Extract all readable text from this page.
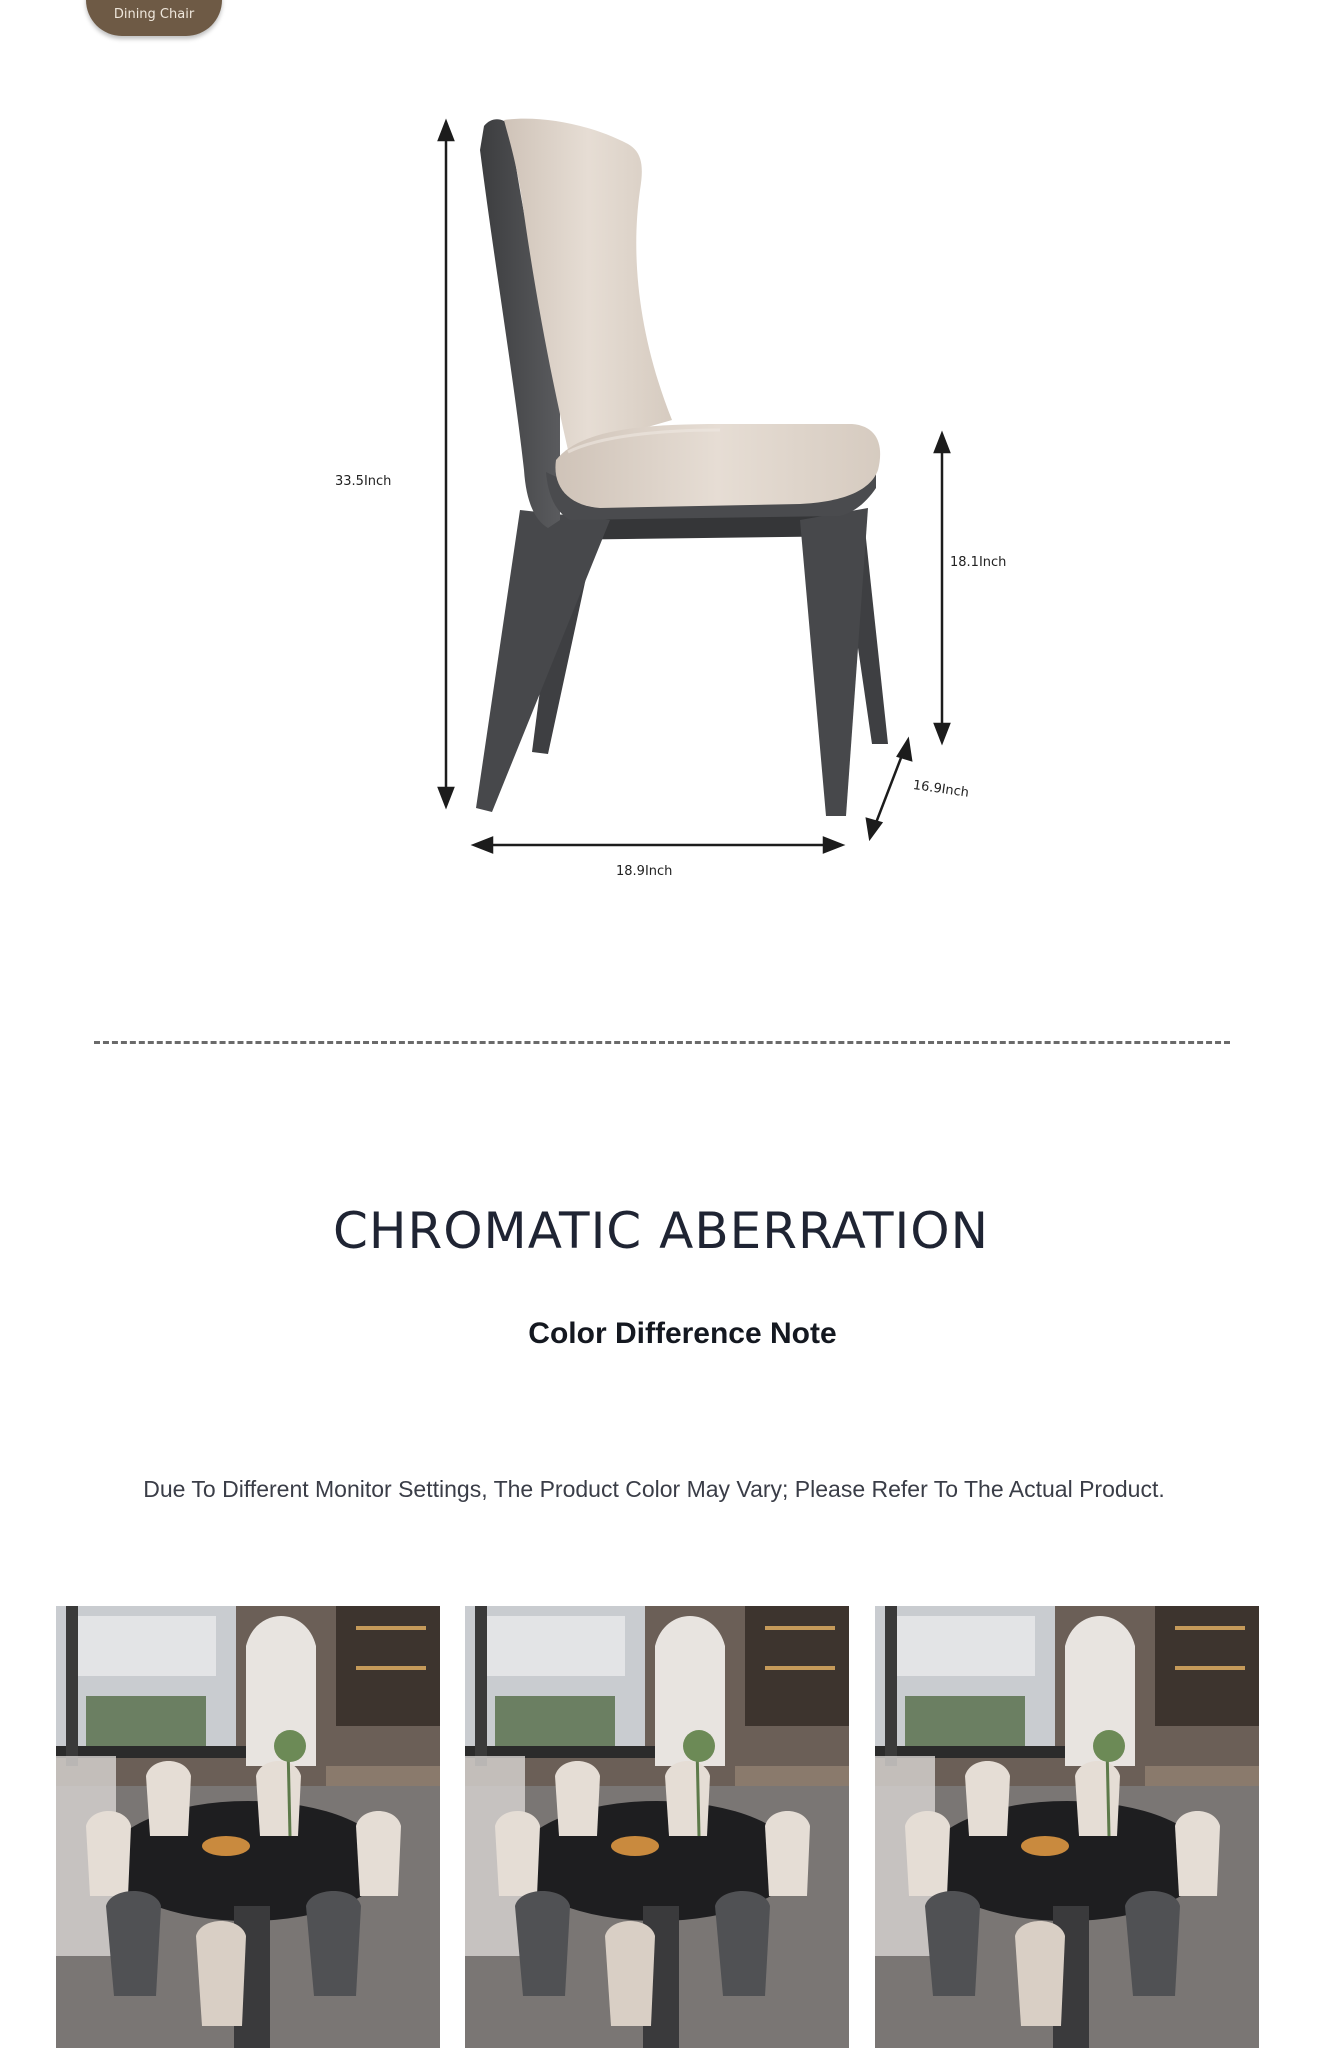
Dining Chair
33.5Inch
18.1Inch
16.9Inch
18.9Inch
CHROMATIC ABERRATION
Color Difference Note
Due To Different Monitor Settings, The Product Color May Vary; Please Refer To The Actual Product.
